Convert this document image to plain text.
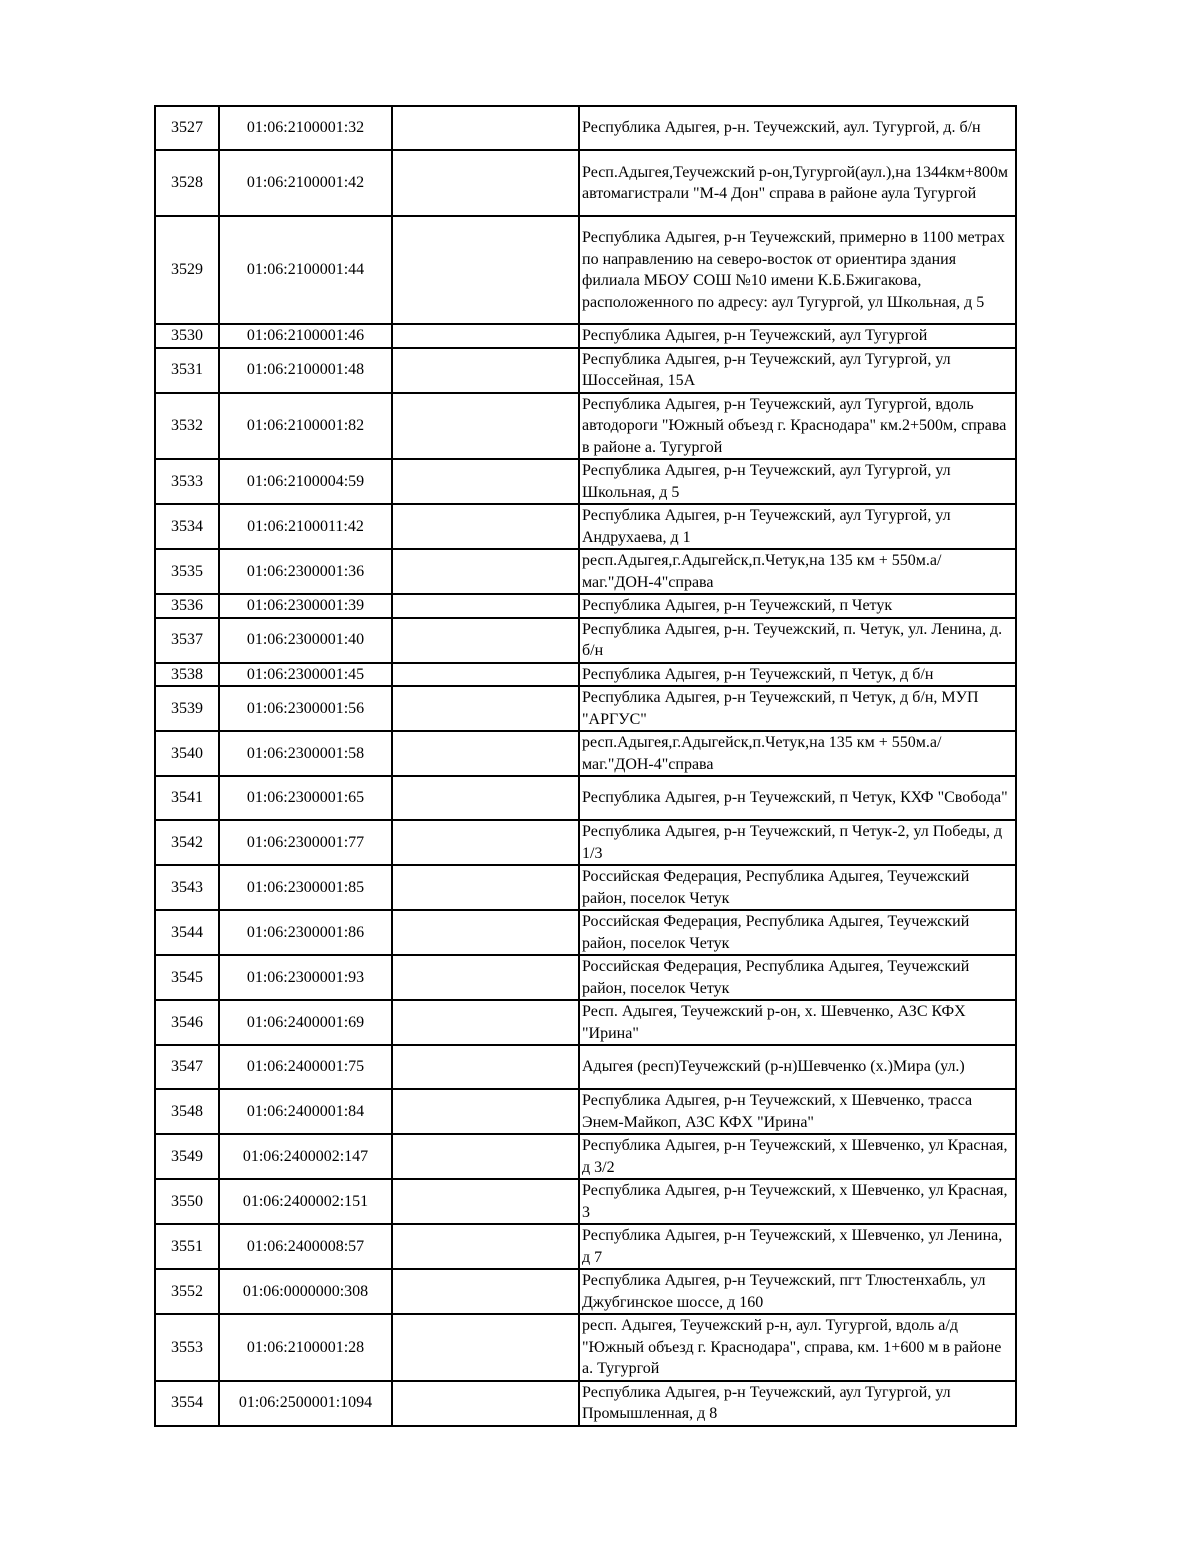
3527	01:06:2100001:32		Республика Адыгея, р-н. Теучежский, аул. Тугургой, д. б/н
3528	01:06:2100001:42		Респ.Адыгея,Теучежский р-он,Тугургой(аул.),на 1344км+800м автомагистрали "М-4 Дон" справа в районе аула Тугургой
3529	01:06:2100001:44		Республика Адыгея, р-н Теучежский, примерно в 1100 метрах по направлению на северо-восток от ориентира здания филиала МБОУ СОШ №10 имени К.Б.Бжигакова, расположенного по адресу: аул Тугургой, ул Школьная, д 5
3530	01:06:2100001:46		Республика Адыгея, р-н Теучежский, аул Тугургой
3531	01:06:2100001:48		Республика Адыгея, р-н Теучежский, аул Тугургой, ул Шоссейная, 15А
3532	01:06:2100001:82		Республика Адыгея, р-н Теучежский, аул Тугургой, вдоль автодороги "Южный объезд г. Краснодара" км.2+500м, справа в районе а. Тугургой
3533	01:06:2100004:59		Республика Адыгея, р-н Теучежский, аул Тугургой, ул Школьная, д 5
3534	01:06:2100011:42		Республика Адыгея, р-н Теучежский, аул Тугургой, ул Андрухаева, д 1
3535	01:06:2300001:36		респ.Адыгея,г.Адыгейск,п.Четук,на 135 км + 550м.а/маг."ДОН-4"справа
3536	01:06:2300001:39		Республика Адыгея, р-н Теучежский, п Четук
3537	01:06:2300001:40		Республика Адыгея, р-н. Теучежский, п. Четук, ул. Ленина, д. б/н
3538	01:06:2300001:45		Республика Адыгея, р-н Теучежский, п Четук, д б/н
3539	01:06:2300001:56		Республика Адыгея, р-н Теучежский, п Четук, д б/н, МУП "АРГУС"
3540	01:06:2300001:58		респ.Адыгея,г.Адыгейск,п.Четук,на 135 км + 550м.а/маг."ДОН-4"справа
3541	01:06:2300001:65		Республика Адыгея, р-н Теучежский, п Четук, КХФ "Свобода"
3542	01:06:2300001:77		Республика Адыгея, р-н Теучежский, п Четук-2, ул Победы, д 1/3
3543	01:06:2300001:85		Российская Федерация, Республика Адыгея, Теучежский район, поселок Четук
3544	01:06:2300001:86		Российская Федерация, Республика Адыгея, Теучежский район, поселок Четук
3545	01:06:2300001:93		Российская Федерация, Республика Адыгея, Теучежский район, поселок Четук
3546	01:06:2400001:69		Респ. Адыгея, Теучежский р-он, х. Шевченко, АЗС КФХ "Ирина"
3547	01:06:2400001:75		Адыгея (респ)Теучежский (р-н)Шевченко (х.)Мира (ул.)
3548	01:06:2400001:84		Республика Адыгея, р-н Теучежский, х Шевченко, трасса Энем-Майкоп, АЗС КФХ "Ирина"
3549	01:06:2400002:147		Республика Адыгея, р-н Теучежский, х Шевченко, ул Красная, д 3/2
3550	01:06:2400002:151		Республика Адыгея, р-н Теучежский, х Шевченко, ул Красная, 3
3551	01:06:2400008:57		Республика Адыгея, р-н Теучежский, х Шевченко, ул Ленина, д 7
3552	01:06:0000000:308		Республика Адыгея, р-н Теучежский, пгт Тлюстенхабль, ул Джубгинское шоссе, д 160
3553	01:06:2100001:28		респ. Адыгея, Теучежский р-н, аул. Тугургой, вдоль а/д "Южный объезд г. Краснодара", справа, км. 1+600 м в районе а. Тугургой
3554	01:06:2500001:1094		Республика Адыгея, р-н Теучежский, аул Тугургой, ул Промышленная, д 8
